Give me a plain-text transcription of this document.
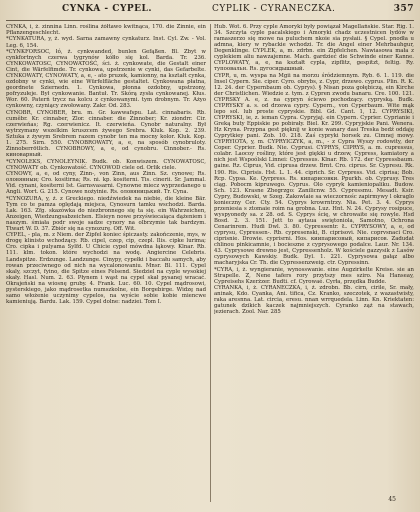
CYNKA - CYPEL.	CYPLIK - CYRANECZKA.	357

CYNKA, i, ż. zinnina Linn. roślina żółtawo kwitnąca, 170. die Zinnie, ein Pflanzengeschlecht.

*CYNKATURA, y, ż. wyd. Sarna zamawny cynkaturz. Inst. Cyl. Zw. - Vol. Leg. 6, 154.

*CYNKFORSOC, łó, ż. cynkwanded, bunlen Gefąßen. Bl. Zbyt w cynkfortnych czerwa tygrynów kółło się kol. Barda. Tr. 236. CYNKOWATOSC, CYNOWATOŚĆ, ści. ż. cynkowate, die Gestalt einer Cint, die Wärfelfimde. Tr. cynkowa, upstrzenie w cynki, das Gefarbelte. CYNKOWATY, CYNOWATY, a, e, - ato pruzek, kamionny, na kształt cynka, ozdobny w cynki, wie eine Würfelfläche gestaltet. Cynkowana płatna, geordnete Sziernedn. 1. Cynkowa, płonna ozdobny, upstrzony, pofryzułeje. Był cynkowanie. Bantuł. Tr. Skórą zysła cynkowanej. Kłus. Wor. 60. Paterń trycz na kolcu z cynkowanymi. tym drobnym. Tr. Ażyo cynkowny, czyniący zwołowany. Zakr. Od. 283.

CYNOBR, CYNOBER, bru. m. Gr. kawwafspu. Lat. cinnabaris. Rb. cuměbr. Kr. cinnaber, Zlor. cinnaber. die Zinnober; Kr. ziondrr. Cir. czerwieńas; Rg. czerwienicz. It. czerwieńa. Cynobr naturalny. Był wytrzymany wszelkim kruszcem żywego Srebra. Kluk. Kop. 2. 239. Sztuka z żywym Srebrem razem cynobr ten ma mocny kolor. Kluk. Kop. 1. 275. Sirn. 550. CYNOBROWATY, a, e, na sposób cynobruloty. Zinnoberrötlich. CYNOBROWY, a, e, od cynobru. Cinnober.- Rs. киноварный.

*CYNOLEKS, CYNOLEYNIK. Budk. ob. Konwiszem. CYNOWATOSC, CYNOWATY ob. Cynkowatość. CYNOWOD ciele od. Orlik ciele.

CYNOWY, a, e, od cyny, Zinn-, von Zinn, aus Zinn. Sz. cynowe; Rs. оловянныи; Cro. kositirna; Rs. ni. kp. kositerni. Tis. cinerii. Sr. Jammal. Vid. cynani, kositerni Ist. Garnsvasarni. Cynowne miecz wyprzedanego u Angli. Wort. G. 215. Cynowe nożyinie. Rs. оловяницький. Tr. Cyna.

*CYNOZURA, y, ż. z Greckiego. niedźwiedek na niebie, die kleine Bär. Tym co te pamza oględają miejsca, Cynosurn tamku wschodzi. Barda. Lak. 163. Zfg. skazówka do niezbronnego się ta się. ein Wahrzeichen, Anzeigen, Wiedzungsabzeichen. Elsieyn nowe przyświecaiąca dążeniem i naszym. śmiała podr swoje sadze cynory na olbrzymie tak bardzym. Ttwart W. D. 37. Zbiór się na cynozurę. Off. Wit.

CYPEL, - pla, m. z Niem. der Zipfel koniec śpiczasty. zakończenie, mys, w drogę klinisto wchodzący. Rb. cipel, czep, cip, czepl. Ilis. cipke lurima; Cro. cipka i pulyama Sylfd. U Chicie cypeł mówdna łąkowy. Klnar. Rb. 111. klm. tokon. które wychodzi na wodę. Angiercine Celebris. Landspitze. Erdzunge. Landzunge. Cinypy, cypełki i baccału samych, aby rowan przeciwnego od nich na wycalonowaniu. Mnsr. Bl. 111. Cypel skaly, szczyt, fyino, die Spitze eines Felsend. Siedziel na cyple wysokiej skały. Hasl. Num. 2. 63. Płynem i wąst na cypel skał pysanej wracać. Okrajeński na wiosnę gruby. 4. Frank. Luc. 60. 10. Cypel mądrosowi, pysterskiego, jako mądrosetka numszkolne, ein Borgebirge. Widzę nad samo włożenie uczynimy cypelos, na wyście sobie kobie miencwe kamieniują. Bardu. Lak. 159. Cypel dolne: nadziei. Tom I.

Hub. Wot. 6. Przy cyple Amoryki były powiązał Magellańskie. Star. Rig. 1. 34. Szczyta cyple pacalskiego i Amoryki chadz uczestnicen łydów w ramaszerzo się mowe na puluchem nkoie sia pysłaii. § Cypel. pnodła u admna, kiery w rybackie wchodzi. Tr. die Angel einer Mehrbauhgur, Degenklinge. CYPLEK, a, m. zdrbn. ein Zipfelchen. Nawiasowa mała z cyplekiem aliu nawzajemne. Mach. gardzieć die Schwinde einer Kanne. CYPLOWATY, a, e, na kształt cypla, zipflitz, gespitzt, feltig. Ry. тупоовальн. Rs. дугосидышный.

CYPR, u, m. wyspa na Mgii na morzu śródziemnym. Ryb. 6. 1. 119. die Insel Cypern. Sie. ciper. Cyro. obrybs, z. Cypr, drzewo. cyprus. Plin. R. K. 12. 24. der Cypernbaum ob. Cyprys). § Nisan poza gołębiczą, ein Kirche der Christlichen. Wiedzie z. tym. z Cypren zwodu banaru. Cre. 100. 121. CYPRSKY A. e, z. na cypryn ściewo pochodzący. cypryską. Budk. CYPRYSKY a. s. od drzewa cypry. Cypern., von Cyperbaum. Wite mąk lepo sol. lub proste cypryskie. Bibl. Gd. Cant. 1, 12. CYPRYSIKI, CYPRYSKI, ie, z. ieman Cypra. Cypryjaj. ein Cypern. Cyprier. Cyprianie i Greką buty Eppiskie po pobirały. Biel. Kr. 299. Cypryjskie Pani. Wenera. Hz Kryna. Przypna gest pięknij w konie wanary dasi Treska bedź oddaję Cyprytkiey pani. Zob. 10. 218. Zaś cypryki horsek zu. Cimnej mowy. CYPRYIOTA, y, m. CYPRYICZYK, a, m., - z Cypra Wyszy rodowity, der Coper. Cyprier. Budk. Nie. Cyprusi. CYPRYS, CIPRYS, a. m. cupressus, colabr. Laocoy rośliny, które jest giękki u drzew, Cypress, kamiatory a nich jest Wspoólski Linnei: Cypressus. Klnar. Rb. 172. der Cypressbaum. gaine. Rz. Ciprus, Vid. ciprusa drzew. Brnt. Cro. ciprus. Sr. Cypresu. Rk. 190. Ris. Ciprisis. Hst. L. 1. 44. ciprich. Sr. Cyrpress. Vid. ciprisa; Bob. Rcp. Cypsa. Ke. Qyrpress. Rs. кипарисовки. Ppurkh. ob. Cyprusy. Tres ciąg. Pobocm kipruwego. Cyprus. Olo cypryk kamieniopaliku. Budow. Sch. 123. Krasne Zhegrzgo: Zanilicnw. 55. Cypressmu. Mesadt. Ksir. Cypry, Budowski, w Szeg. Zakowlaie sa wieczornośc zapirmywy l okraglo konieczny Cer. Cty. 54. Cyprys krowrntrzy. Nia. Pet. 3. 4. Cyprys przeniesia s ztomaie roim na grobna. Luz. Hnt. N. 24. Cyprysy rosipuce, wyspyonedy sa. z 28. od. S. Cyprys ścię, w chrowaite się rowyle. Hsd Bosd. 2. 3. 151. Jett to aytaua swiętoniola, Samotno, Ochrona Cenarinrem. Hudi Dwl. 3. 80. Cypressentr. Ł. CYPRYSOWY, a, e, od cyprysu, Cypressen-. Rb. cypresenski, B. ciprisovi. Nie. coprvsnaci Cro. ciprisnie. Drowie. cyprisrni. Hos. киипарисовый, кипарисов. Zadudat chlinou pinkicamnie, i bocieszne z cyprysowego podalce. Laur. Nr. 134. 43. Cyprysowe drewno jest, Cypressenholz. W kościele gazzysik z Lasów cyprysowych Kawskiy. Budk. Dyl. 1. 221. Cyprysowa gałąz albo macharyjska Cr. Th. die Cypressenzweig. ctr. Cypressinn.

*CYRA, i, ż. wyngieranie, wynosswanie. eine Augzirkelte Kreise. sie an Strapelle. Z, Nene tafers rory przytszy mes sziro. Na Hanseay, Cypreisehs Kzerżzer. Budti. cf. Cyrowaé. Cyrła, przędka Budde.

CYRANKA, i, ż. CYRANECZKA, i, ż. zdrobn. Bb. cirn, cirile, Sr. mały, aninak, Kdo. Cyanka, Ani. tifica, Cz. Kranko, szeczotek, z wazastwisty, raka aresnna. Lat. circia, eresu. nnan wrrquedela. Linn. Kn. Kriektaten: gatunek dzikich kaczek najmniejszych. Cyranko ząż na stawach, jezierach. Zool. Nar. 285

45
